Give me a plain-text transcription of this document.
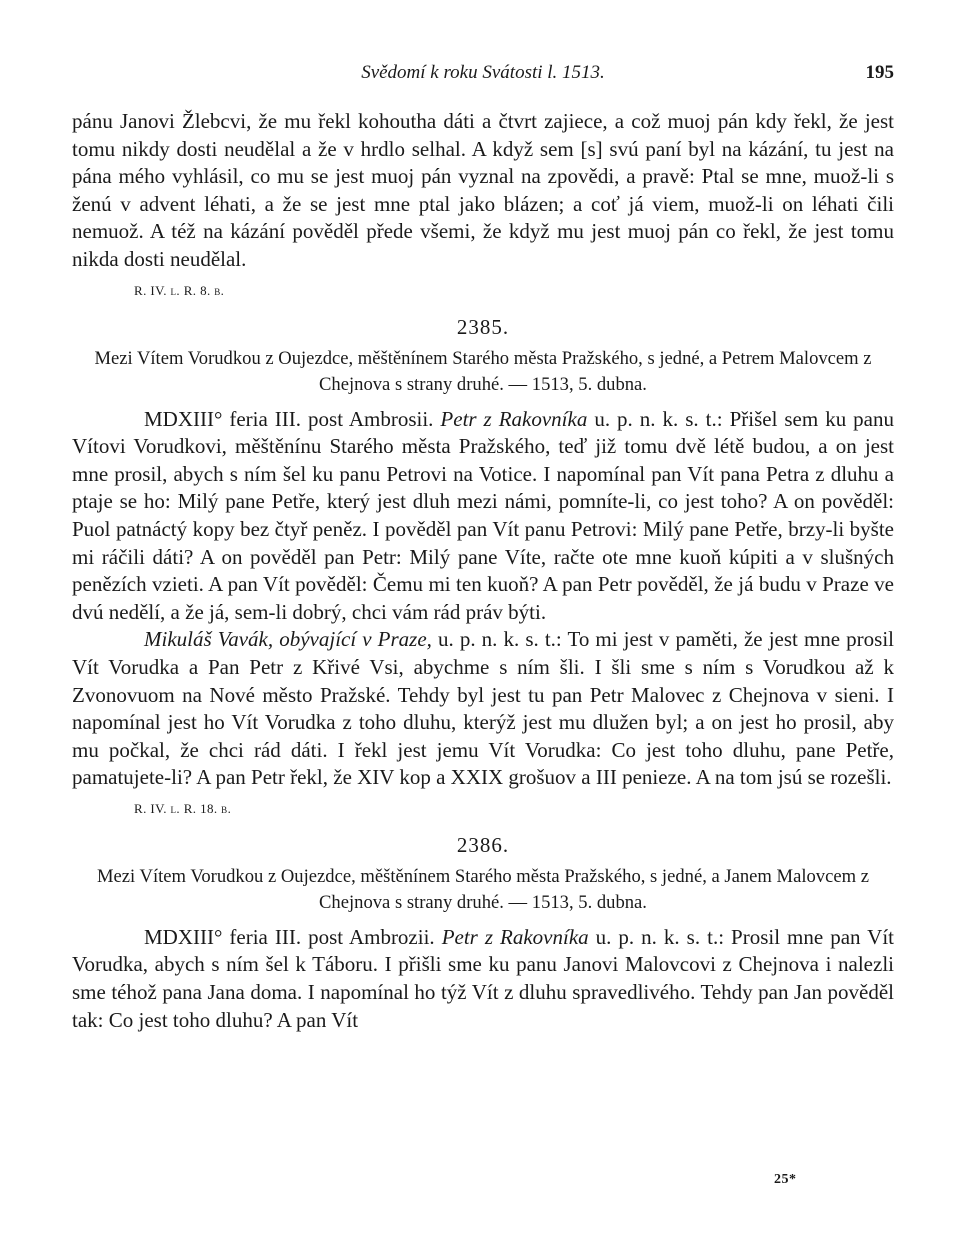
Svědomí k roku Svátosti l. 1513.	195

pánu Janovi Žlebcvi, že mu řekl kohoutha dáti a čtvrt zajiece, a což muoj pán kdy řekl, že jest tomu nikdy dosti neudělal a že v hrdlo selhal. A když sem [s] svú paní byl na kázání, tu jest na pána mého vyhlásil, co mu se jest muoj pán vyznal na zpovědi, a pravě: Ptal se mne, muož-li s ženú v advent léhati, a že se jest mne ptal jako blázen; a coť já viem, muož-li on léhati čili nemuož. A též na kázání pověděl přede všemi, že když mu jest muoj pán co řekl, že jest tomu nikda dosti neudělal.

R. IV. l. R. 8. b.

2385.

Mezi Vítem Vorudkou z Oujezdce, měštěnínem Starého města Pražského, s jedné, a Petrem Malovcem z Chejnova s strany druhé. — 1513, 5. dubna.

MDXIII° feria III. post Ambrosii. Petr z Rakovníka u. p. n. k. s. t.: Přišel sem ku panu Vítovi Vorudkovi, měštěnínu Starého města Pražského, teď již tomu dvě létě budou, a on jest mne prosil, abych s ním šel ku panu Petrovi na Votice. I napomínal pan Vít pana Petra z dluhu a ptaje se ho: Milý pane Petře, který jest dluh mezi námi, pomníte-li, co jest toho? A on pověděl: Puol patnáctý kopy bez čtyř peněz. I pověděl pan Vít panu Petrovi: Milý pane Petře, brzy-li byšte mi ráčili dáti? A on pověděl pan Petr: Milý pane Víte, račte ote mne kuoň kúpiti a v slušných penězích vzieti. A pan Vít pověděl: Čemu mi ten kuoň? A pan Petr pověděl, že já budu v Praze ve dvú nedělí, a že já, sem-li dobrý, chci vám rád práv býti.

Mikuláš Vavák, obývající v Praze, u. p. n. k. s. t.: To mi jest v paměti, že jest mne prosil Vít Vorudka a Pan Petr z Křivé Vsi, abychme s ním šli. I šli sme s ním s Vorudkou až k Zvonovuom na Nové město Pražské. Tehdy byl jest tu pan Petr Malovec z Chejnova v sieni. I napomínal jest ho Vít Vorudka z toho dluhu, kterýž jest mu dlužen byl; a on jest ho prosil, aby mu počkal, že chci rád dáti. I řekl jest jemu Vít Vorudka: Co jest toho dluhu, pane Petře, pamatujete-li? A pan Petr řekl, že XIV kop a XXIX grošuov a III penieze. A na tom jsú se rozešli.

R. IV. l. R. 18. b.

2386.

Mezi Vítem Vorudkou z Oujezdce, měštěnínem Starého města Pražského, s jedné, a Janem Malovcem z Chejnova s strany druhé. — 1513, 5. dubna.

MDXIII° feria III. post Ambrozii. Petr z Rakovníka u. p. n. k. s. t.: Prosil mne pan Vít Vorudka, abych s ním šel k Táboru. I přišli sme ku panu Janovi Malovcovi z Chejnova i nalezli sme téhož pana Jana doma. I napomínal ho týž Vít z dluhu spravedlivého. Tehdy pan Jan pověděl tak: Co jest toho dluhu? A pan Vít

25*
